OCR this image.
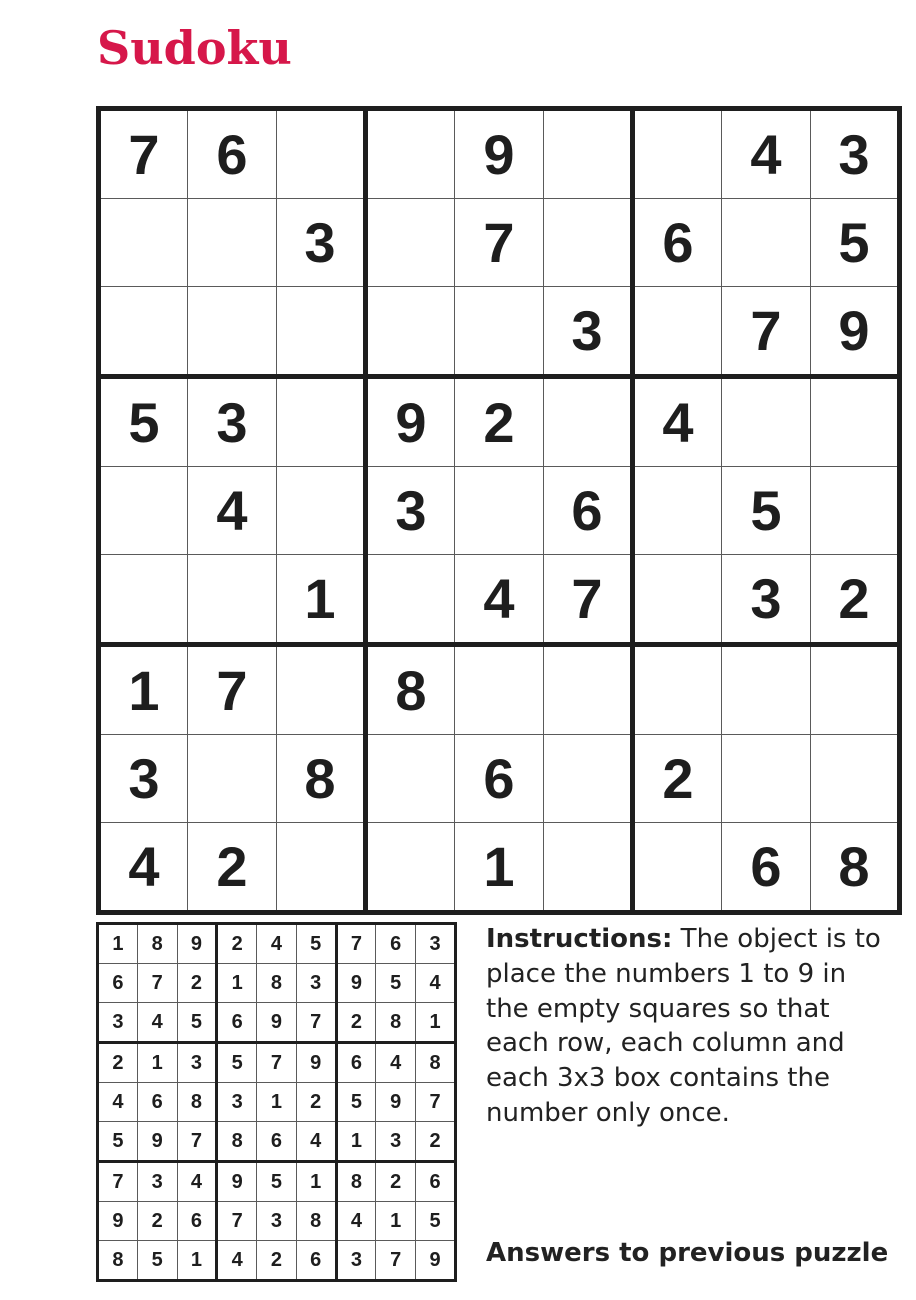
Sudoku
7	6			9			4	3
		3		7		6		5
					3		7	9
5	3		9	2		4		
	4		3		6		5	
		1		4	7		3	2
1	7		8					
3		8		6		2		
4	2			1			6	8
1	8	9	2	4	5	7	6	3
6	7	2	1	8	3	9	5	4
3	4	5	6	9	7	2	8	1
2	1	3	5	7	9	6	4	8
4	6	8	3	1	2	5	9	7
5	9	7	8	6	4	1	3	2
7	3	4	9	5	1	8	2	6
9	2	6	7	3	8	4	1	5
8	5	1	4	2	6	3	7	9
Instructions: The object is to place the numbers 1 to 9 in the empty squares so that each row, each column and each 3x3 box contains the number only once.
Answers to previous puzzle
